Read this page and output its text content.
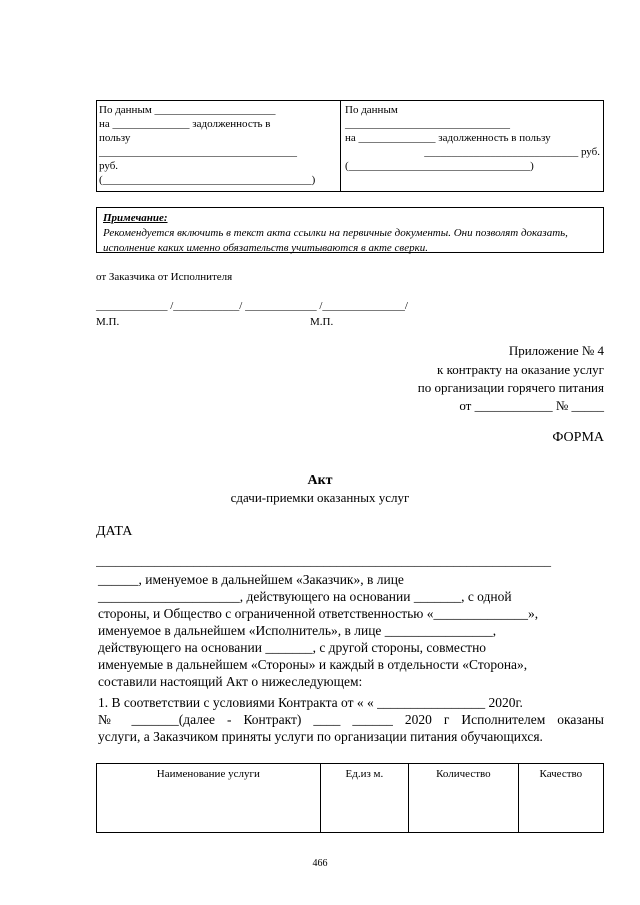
По данным ______________________
на ______________ задолженность в
пользу
____________________________________
руб.
(______________________________________)
По данным
______________________________
на ______________ задолженность в пользу
____________________________ руб.
(_________________________________)
Примечание:
Рекомендуется включить в текст акта ссылки на первичные документы. Они позволят доказать, исполнение каких именно обязательств учитываются в акте сверки.
от Заказчика от Исполнителя
_____________ /____________/ _____________ /_______________/
М.П.	М.П.
Приложение № 4
к контракту на оказание услуг
по организации горячего питания
от ____________ № _____
ФОРМА
Акт
сдачи-приемки оказанных услуг
ДАТА
______________________________________________________________________
______, именуемое в дальнейшем «Заказчик», в лице
_____________________, действующего на основании _______, с одной
стороны, и Общество с ограниченной ответственностью «______________»,
именуемое в дальнейшем «Исполнитель», в лице ________________,
действующего на основании _______, с другой стороны, совместно
именуемые в дальнейшем «Стороны» и каждый в отдельности «Сторона»,
составили настоящий Акт о нижеследующем:
1. В соответствии с условиями Контракта от « « ________________ 2020г.
№ _______(далее - Контракт) ____ ______ 2020 г Исполнителем оказаны
услуги, а Заказчиком приняты услуги по организации питания обучающихся.
Наименование услуги	Ед.из м.	Количество	Качество
466
